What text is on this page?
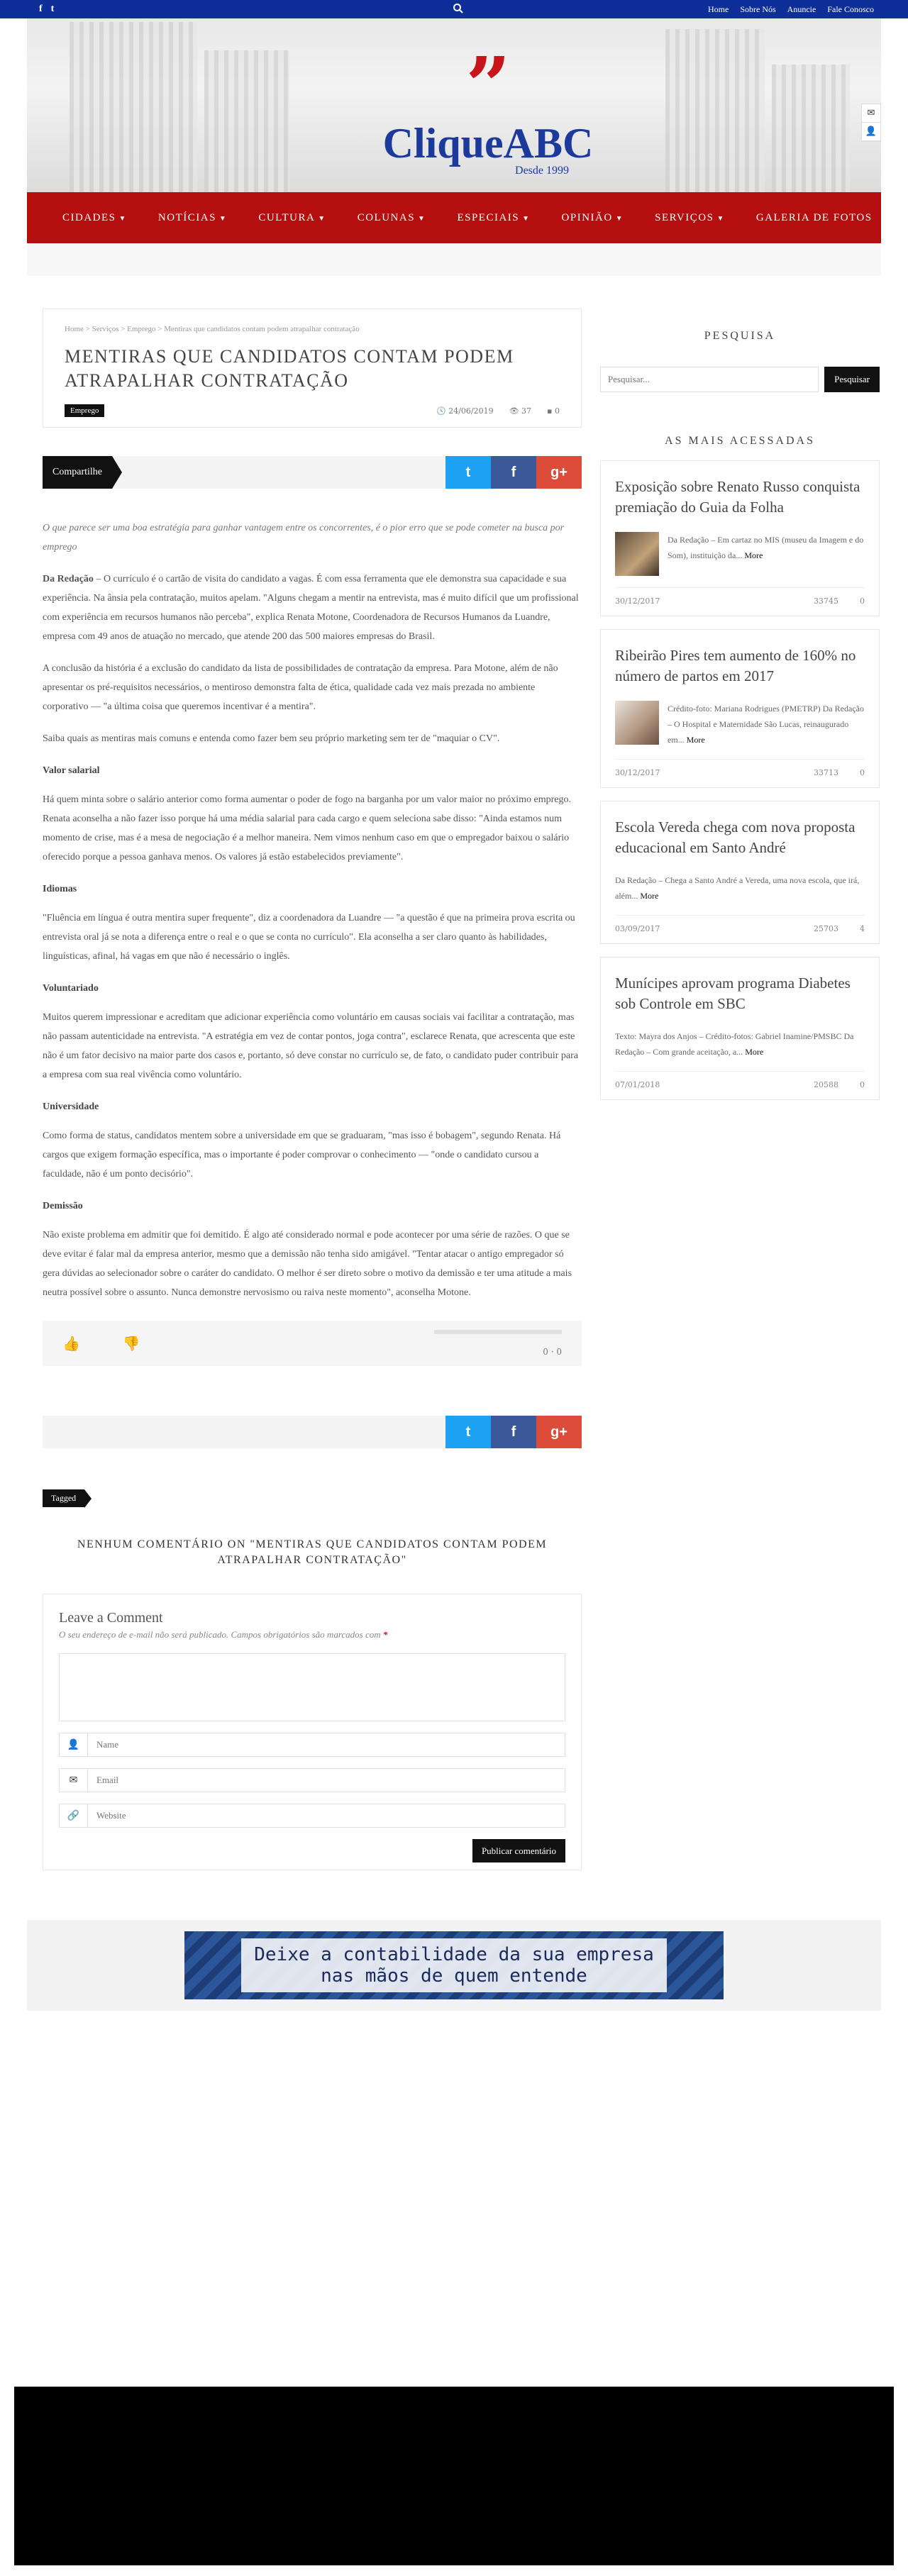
f t	Home Sobre Nós Anuncie Fale Conosco
”
CliqueABC
Desde 1999
✉
👤
CIDADES ▼	NOTÍCIAS ▼	CULTURA ▼	COLUNAS ▼	ESPECIAIS ▼	OPINIÃO ▼	SERVIÇOS ▼	GALERIA DE FOTOS
Home > Serviços > Emprego > Mentiras que candidatos contam podem atrapalhar contratação
MENTIRAS QUE CANDIDATOS CONTAM PODEM ATRAPALHAR CONTRATAÇÃO
Emprego	🕓 24/06/2019 👁 37 ▪ 0
Compartilhe	t	f	g+

O que parece ser uma boa estratégia para ganhar vantagem entre os concorrentes, é o pior erro que se pode cometer na busca por emprego

Da Redação – O currículo é o cartão de visita do candidato a vagas. É com essa ferramenta que ele demonstra sua capacidade e sua experiência. Na ânsia pela contratação, muitos apelam. "Alguns chegam a mentir na entrevista, mas é muito difícil que um profissional com experiência em recursos humanos não perceba", explica Renata Motone, Coordenadora de Recursos Humanos da Luandre, empresa com 49 anos de atuação no mercado, que atende 200 das 500 maiores empresas do Brasil.

A conclusão da história é a exclusão do candidato da lista de possibilidades de contratação da empresa. Para Motone, além de não apresentar os pré-requisitos necessários, o mentiroso demonstra falta de ética, qualidade cada vez mais prezada no ambiente corporativo — "a última coisa que queremos incentivar é a mentira".

Saiba quais as mentiras mais comuns e entenda como fazer bem seu próprio marketing sem ter de "maquiar o CV".

Valor salarial

Há quem minta sobre o salário anterior como forma aumentar o poder de fogo na barganha por um valor maior no próximo emprego. Renata aconselha a não fazer isso porque há uma média salarial para cada cargo e quem seleciona sabe disso: "Ainda estamos num momento de crise, mas é a mesa de negociação é a melhor maneira. Nem vimos nenhum caso em que o empregador baixou o salário oferecido porque a pessoa ganhava menos. Os valores já estão estabelecidos previamente".

Idiomas

"Fluência em língua é outra mentira super frequente", diz a coordenadora da Luandre — "a questão é que na primeira prova escrita ou entrevista oral já se nota a diferença entre o real e o que se conta no currículo". Ela aconselha a ser claro quanto às habilidades, linguísticas, afinal, há vagas em que não é necessário o inglês.

Voluntariado

Muitos querem impressionar e acreditam que adicionar experiência como voluntário em causas sociais vai facilitar a contratação, mas não passam autenticidade na entrevista. "A estratégia em vez de contar pontos, joga contra", esclarece Renata, que acrescenta que este não é um fator decisivo na maior parte dos casos e, portanto, só deve constar no currículo se, de fato, o candidato puder contribuir para a empresa com sua real vivência como voluntário.

Universidade

Como forma de status, candidatos mentem sobre a universidade em que se graduaram, "mas isso é bobagem", segundo Renata. Há cargos que exigem formação específica, mas o importante é poder comprovar o conhecimento — "onde o candidato cursou a faculdade, não é um ponto decisório".

Demissão

Não existe problema em admitir que foi demitido. É algo até considerado normal e pode acontecer por uma série de razões. O que se deve evitar é falar mal da empresa anterior, mesmo que a demissão não tenha sido amigável. "Tentar atacar o antigo empregador só gera dúvidas ao selecionador sobre o caráter do candidato. O melhor é ser direto sobre o motivo da demissão e ter uma atitude a mais neutra possível sobre o assunto. Nunca demonstre nervosismo ou raiva neste momento", aconselha Motone.

👍	👎	0 · 0
t	f	g+
Tagged
NENHUM COMENTÁRIO ON "MENTIRAS QUE CANDIDATOS CONTAM PODEM ATRAPALHAR CONTRATAÇÃO"
Leave a Comment
O seu endereço de e-mail não será publicado. Campos obrigatórios são marcados com *
👤
Name
✉
Email
🔗
Website
Publicar comentário
PESQUISA
Pesquisar...
Pesquisar
AS MAIS ACESSADAS
Exposição sobre Renato Russo conquista premiação do Guia da Folha
Da Redação – Em cartaz no MIS (museu da Imagem e do Som), instituição da... More
30/12/2017	33745	0
Ribeirão Pires tem aumento de 160% no número de partos em 2017
Crédito-foto: Mariana Rodrigues (PMETRP) Da Redação – O Hospital e Maternidade São Lucas, reinaugurado em... More
30/12/2017	33713	0
Escola Vereda chega com nova proposta educacional em Santo André
Da Redação – Chega a Santo André a Vereda, uma nova escola, que irá, além... More
03/09/2017	25703	4
Munícipes aprovam programa Diabetes sob Controle em SBC
Texto: Mayra dos Anjos – Crédito-fotos: Gabriel Inamine/PMSBC Da Redação – Com grande aceitação, a... More
07/01/2018	20588	0
Deixe a contabilidade da sua empresa nas mãos de quem entende
